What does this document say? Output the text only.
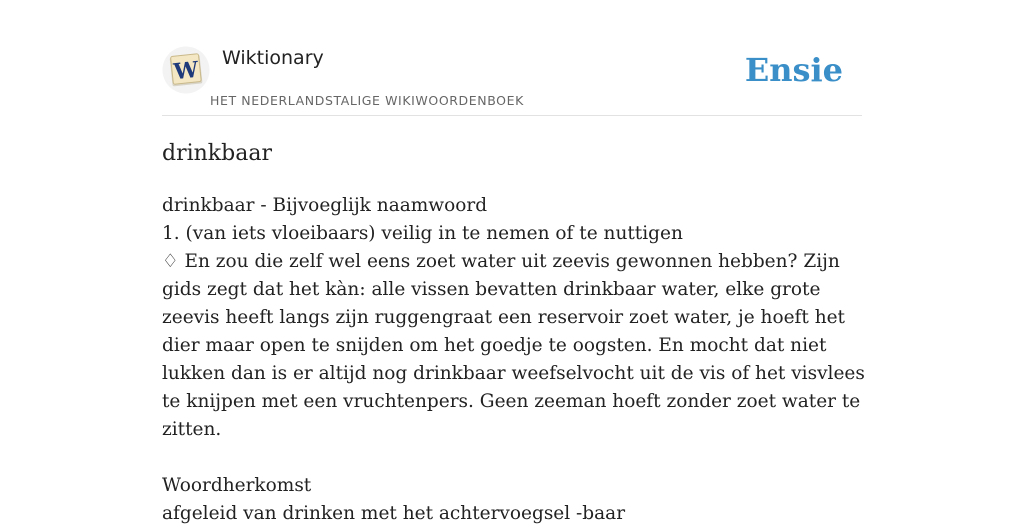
W Wiktionary
HET NEDERLANDSTALIGE WIKIWOORDENBOEK
Ensie
drinkbaar

drinkbaar - Bijvoeglijk naamwoord

1. (van iets vloeibaars) veilig in te nemen of te nuttigen

♢ En zou die zelf wel eens zoet water uit zeevis gewonnen hebben? Zijn gids zegt dat het kàn: alle vissen bevatten drinkbaar water, elke grote zeevis heeft langs zijn ruggengraat een reservoir zoet water, je hoeft het dier maar open te snijden om het goedje te oogsten. En mocht dat niet lukken dan is er altijd nog drinkbaar weefselvocht uit de vis of het visvlees te knijpen met een vruchtenpers. Geen zeeman hoeft zonder zoet water te zitten.

Woordherkomst

afgeleid van drinken met het achtervoegsel -baar
